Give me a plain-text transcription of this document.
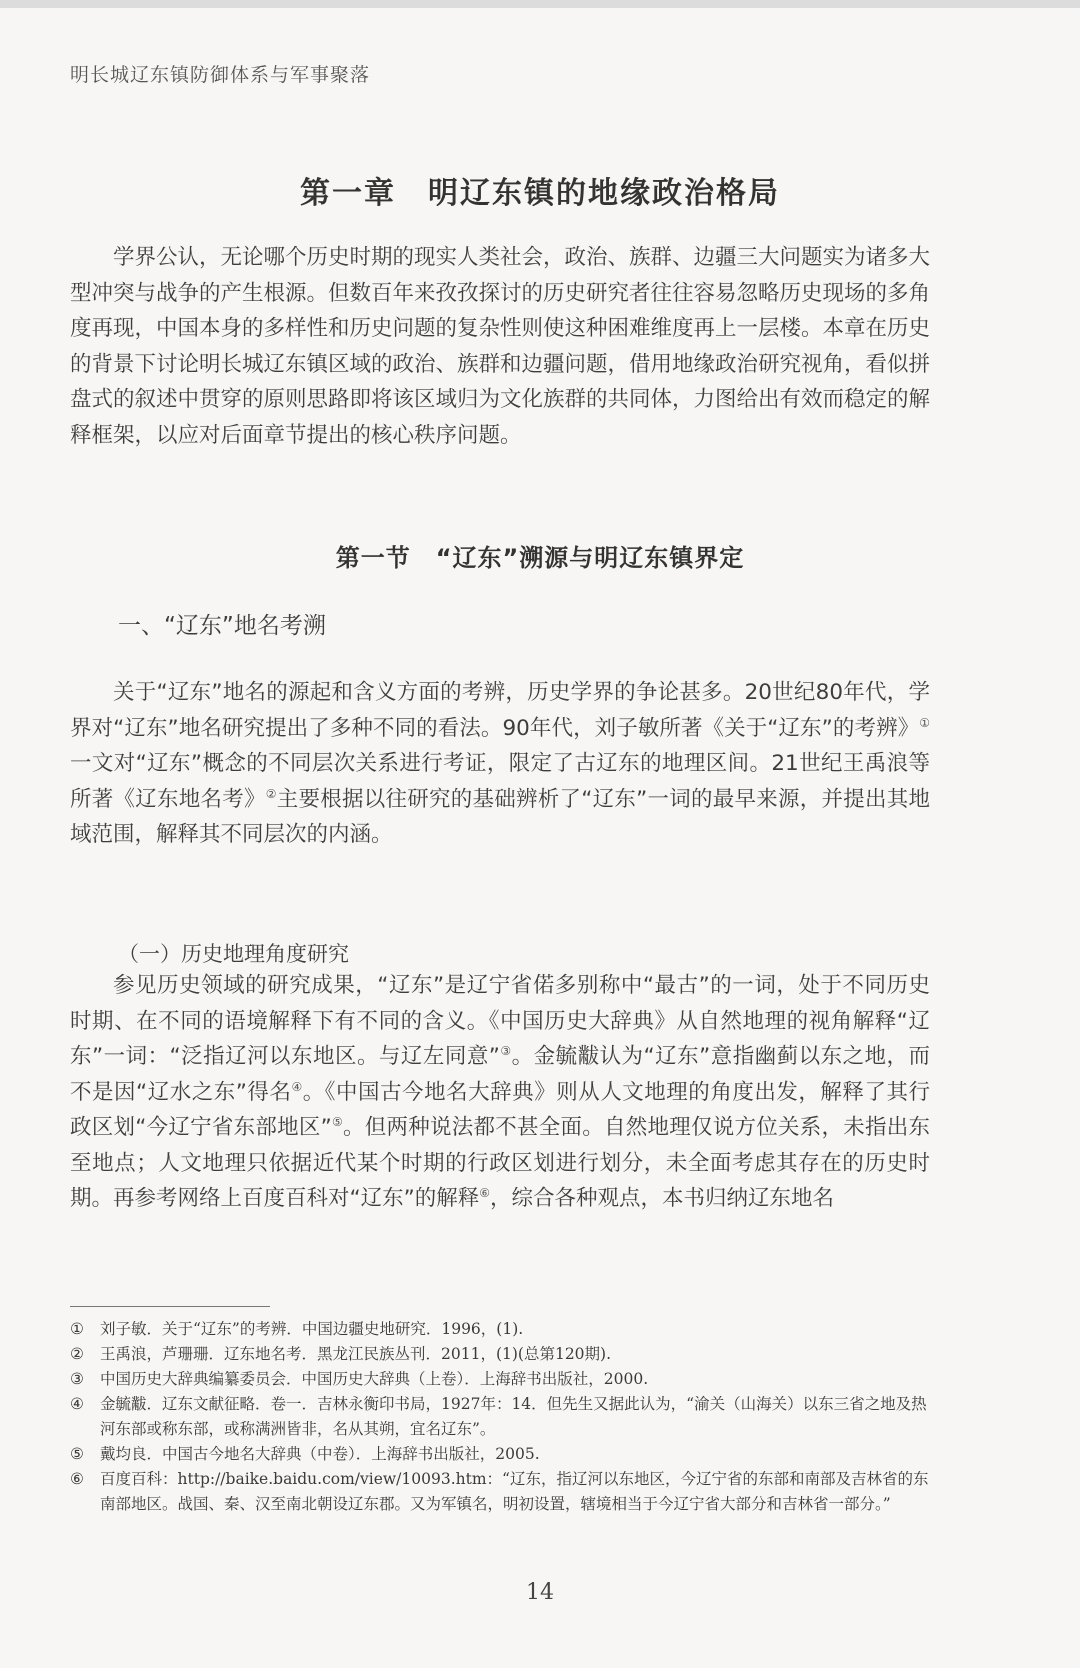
明长城辽东镇防御体系与军事聚落
第一章　明辽东镇的地缘政治格局

学界公认，无论哪个历史时期的现实人类社会，政治、族群、边疆三大问题实为诸多大型冲突与战争的产生根源。但数百年来孜孜探讨的历史研究者往往容易忽略历史现场的多角度再现，中国本身的多样性和历史问题的复杂性则使这种困难维度再上一层楼。本章在历史的背景下讨论明长城辽东镇区域的政治、族群和边疆问题，借用地缘政治研究视角，看似拼盘式的叙述中贯穿的原则思路即将该区域归为文化族群的共同体，力图给出有效而稳定的解释框架，以应对后面章节提出的核心秩序问题。

第一节　“辽东”溯源与明辽东镇界定
一、“辽东”地名考溯

关于“辽东”地名的源起和含义方面的考辨，历史学界的争论甚多。20世纪80年代，学界对“辽东”地名研究提出了多种不同的看法。90年代，刘子敏所著《关于“辽东”的考辨》①一文对“辽东”概念的不同层次关系进行考证，限定了古辽东的地理区间。21世纪王禹浪等所著《辽东地名考》②主要根据以往研究的基础辨析了“辽东”一词的最早来源，并提出其地域范围，解释其不同层次的内涵。

（一）历史地理角度研究

参见历史领域的研究成果，“辽东”是辽宁省偌多别称中“最古”的一词，处于不同历史时期、在不同的语境解释下有不同的含义。《中国历史大辞典》从自然地理的视角解释“辽东”一词：“泛指辽河以东地区。与辽左同意”③。金毓黻认为“辽东”意指幽蓟以东之地，而不是因“辽水之东”得名④。《中国古今地名大辞典》则从人文地理的角度出发，解释了其行政区划“今辽宁省东部地区”⑤。但两种说法都不甚全面。自然地理仅说方位关系，未指出东至地点；人文地理只依据近代某个时期的行政区划进行划分，未全面考虑其存在的历史时期。再参考网络上百度百科对“辽东”的解释⑥，综合各种观点，本书归纳辽东地名

①	刘子敏．关于“辽东”的考辨．中国边疆史地研究．1996，(1).
②	王禹浪，芦珊珊．辽东地名考．黑龙江民族丛刊．2011，(1)(总第120期).
③	中国历史大辞典编纂委员会．中国历史大辞典（上卷）．上海辞书出版社，2000.
④	金毓黻．辽东文献征略．卷一．吉林永衡印书局，1927年：14．但先生又据此认为，“渝关（山海关）以东三省之地及热河东部或称东部，或称满洲皆非，名从其朔，宜名辽东”。
⑤	戴均良．中国古今地名大辞典（中卷）．上海辞书出版社，2005.
⑥	百度百科：http://baike.baidu.com/view/10093.htm：“辽东，指辽河以东地区，今辽宁省的东部和南部及吉林省的东南部地区。战国、秦、汉至南北朝设辽东郡。又为军镇名，明初设置，辖境相当于今辽宁省大部分和吉林省一部分。”
14
